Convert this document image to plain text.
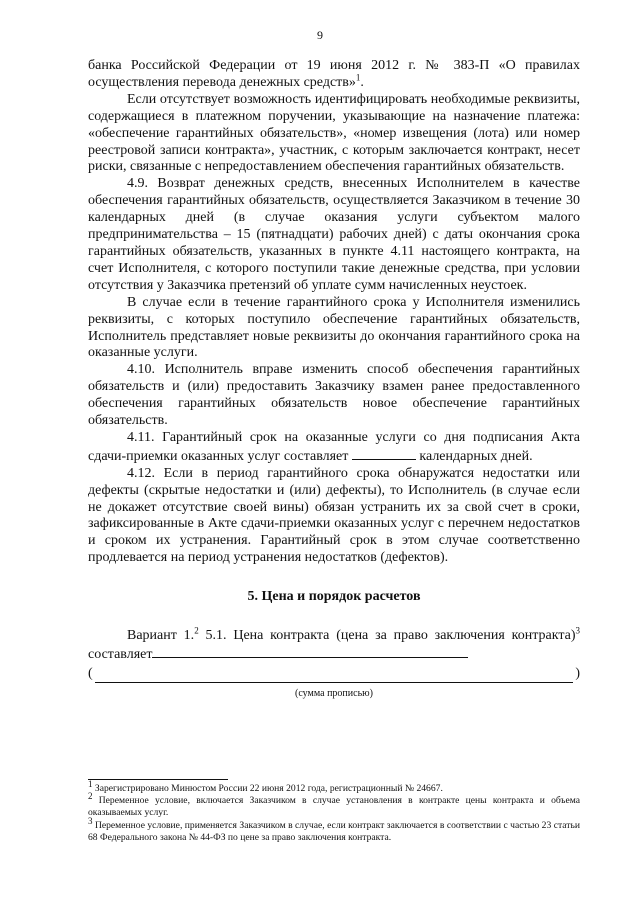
9

банка Российской Федерации от 19 июня 2012 г. № 383-П «О правилах осуществления перевода денежных средств»$^1$.

Если отсутствует возможность идентифицировать необходимые реквизиты, содержащиеся в платежном поручении, указывающие на назначение платежа: «обеспечение гарантийных обязательств», «номер извещения (лота) или номер реестровой записи контракта», участник, с которым заключается контракт, несет риски, связанные с непредоставлением обеспечения гарантийных обязательств.

4.9. Возврат денежных средств, внесенных Исполнителем в качестве обеспечения гарантийных обязательств, осуществляется Заказчиком в течение 30 календарных дней (в случае оказания услуги субъектом малого предпринимательства – 15 (пятнадцати) рабочих дней) с даты окончания срока гарантийных обязательств, указанных в пункте 4.11 настоящего контракта, на счет Исполнителя, с которого поступили такие денежные средства, при условии отсутствия у Заказчика претензий об уплате сумм начисленных неустоек.

В случае если в течение гарантийного срока у Исполнителя изменились реквизиты, с которых поступило обеспечение гарантийных обязательств, Исполнитель представляет новые реквизиты до окончания гарантийного срока на оказанные услуги.

4.10. Исполнитель вправе изменить способ обеспечения гарантийных обязательств и (или) предоставить Заказчику взамен ранее предоставленного обеспечения гарантийных обязательств новое обеспечение гарантийных обязательств.

4.11. Гарантийный срок на оказанные услуги со дня подписания Акта сдачи-приемки оказанных услуг составляет	календарных дней.

4.12. Если в период гарантийного срока обнаружатся недостатки или дефекты (скрытые недостатки и (или) дефекты), то Исполнитель (в случае если не докажет отсутствие своей вины) обязан устранить их за свой счет в сроки, зафиксированные в Акте сдачи-приемки оказанных услуг с перечнем недостатков и сроком их устранения. Гарантийный срок в этом случае соответственно продлевается на период устранения недостатков (дефектов).

5. Цена и порядок расчетов

Вариант 1.$^2$ 5.1. Цена контракта (цена за право заключения контракта)$^3$ составляет

(	)

(сумма прописью)

$^1$ Зарегистрировано Минюстом России 22 июня 2012 года, регистрационный № 24667.

$^2$ Переменное условие, включается Заказчиком в случае установления в контракте цены контракта и объема оказываемых услуг.

$^3$ Переменное условие, применяется Заказчиком в случае, если контракт заключается в соответствии с частью 23 статьи 68 Федерального закона № 44-ФЗ по цене за право заключения контракта.
